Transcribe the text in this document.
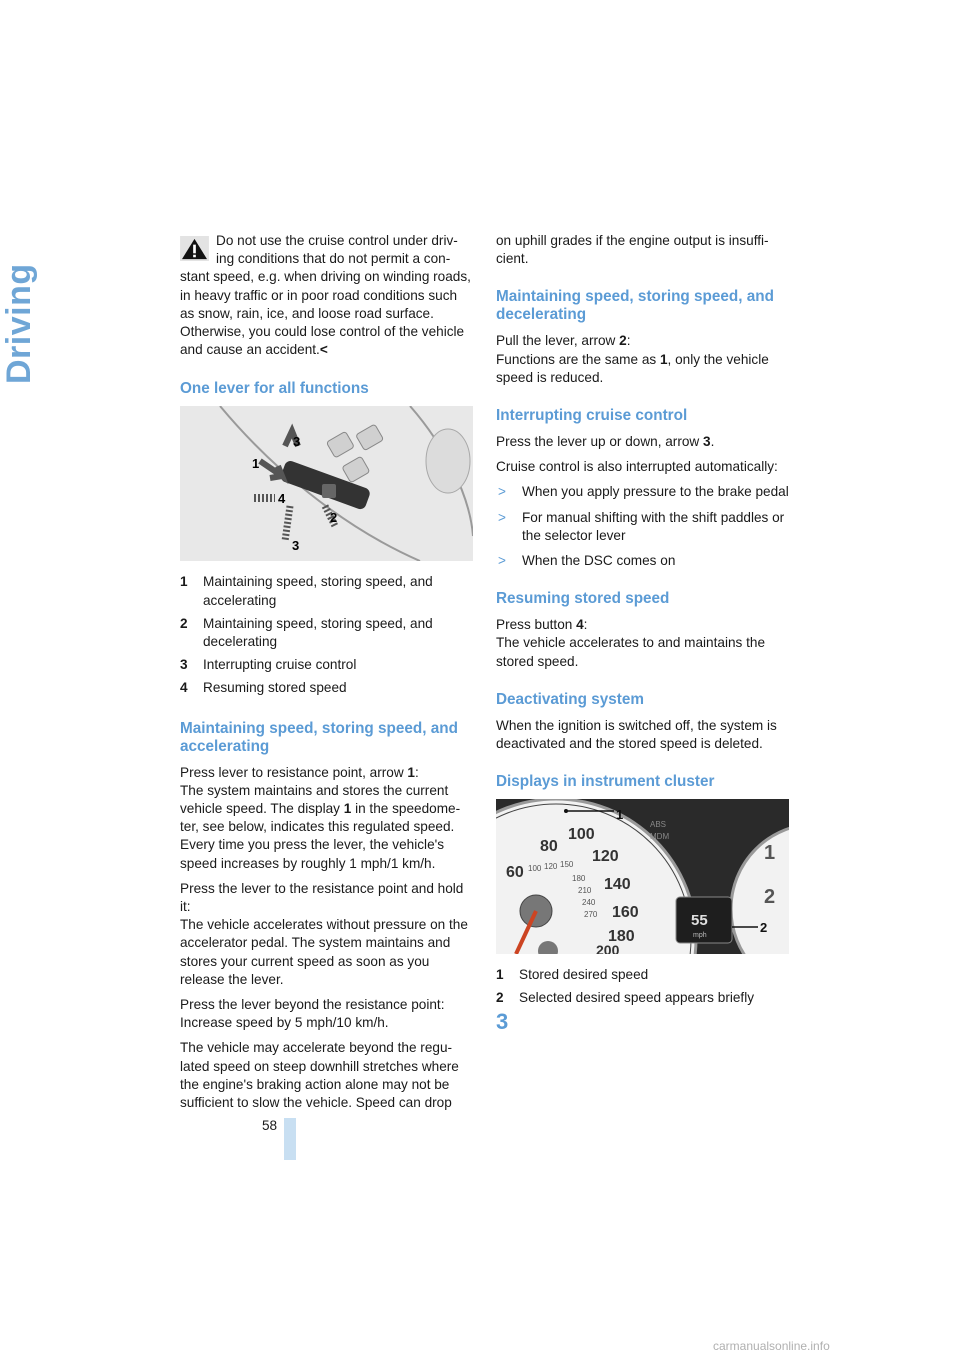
Driving

Do not use the cruise control under driv-ing conditions that do not permit a con-
stant speed, e.g. when driving on winding roads, in heavy traffic or in poor road conditions such as snow, rain, ice, and loose road surface. Otherwise, you could lose control of the vehicle and cause an accident.<

One lever for all functions
1
2
3
3
4
1	Maintaining speed, storing speed, and accelerating
2	Maintaining speed, storing speed, and decelerating
3	Interrupting cruise control
4	Resuming stored speed
Maintaining speed, storing speed, and accelerating

Press lever to resistance point, arrow 1:
The system maintains and stores the current vehicle speed. The display 1 in the speedome-ter, see below, indicates this regulated speed. Every time you press the lever, the vehicle's speed increases by roughly 1 mph/1 km/h.

Press the lever to the resistance point and hold it:
The vehicle accelerates without pressure on the accelerator pedal. The system maintains and stores your current speed as soon as you release the lever.

Press the lever beyond the resistance point:
Increase speed by 5 mph/10 km/h.

The vehicle may accelerate beyond the regu-lated speed on steep downhill stretches where the engine's braking action alone may not be sufficient to slow the vehicle. Speed can drop

on uphill grades if the engine output is insuffi-cient.

Maintaining speed, storing speed, and decelerating

Pull the lever, arrow 2:
Functions are the same as 1, only the vehicle speed is reduced.

Interrupting cruise control

Press the lever up or down, arrow 3.

Cruise control is also interrupted automatically:

>	When you apply pressure to the brake pedal
>	For manual shifting with the shift paddles or the selector lever
>	When the DSC comes on
Resuming stored speed

Press button 4:
The vehicle accelerates to and maintains the stored speed.

Deactivating system

When the ignition is switched off, the system is deactivated and the stored speed is deleted.

Displays in instrument cluster
60
80
100
120
140
160
180
200
100 120 150
180
210
240
270
1
ABS
MDM
55
mph
2
1
2
1	Stored desired speed
2	Selected desired speed appears briefly
3
58
carmanualsonline.info
